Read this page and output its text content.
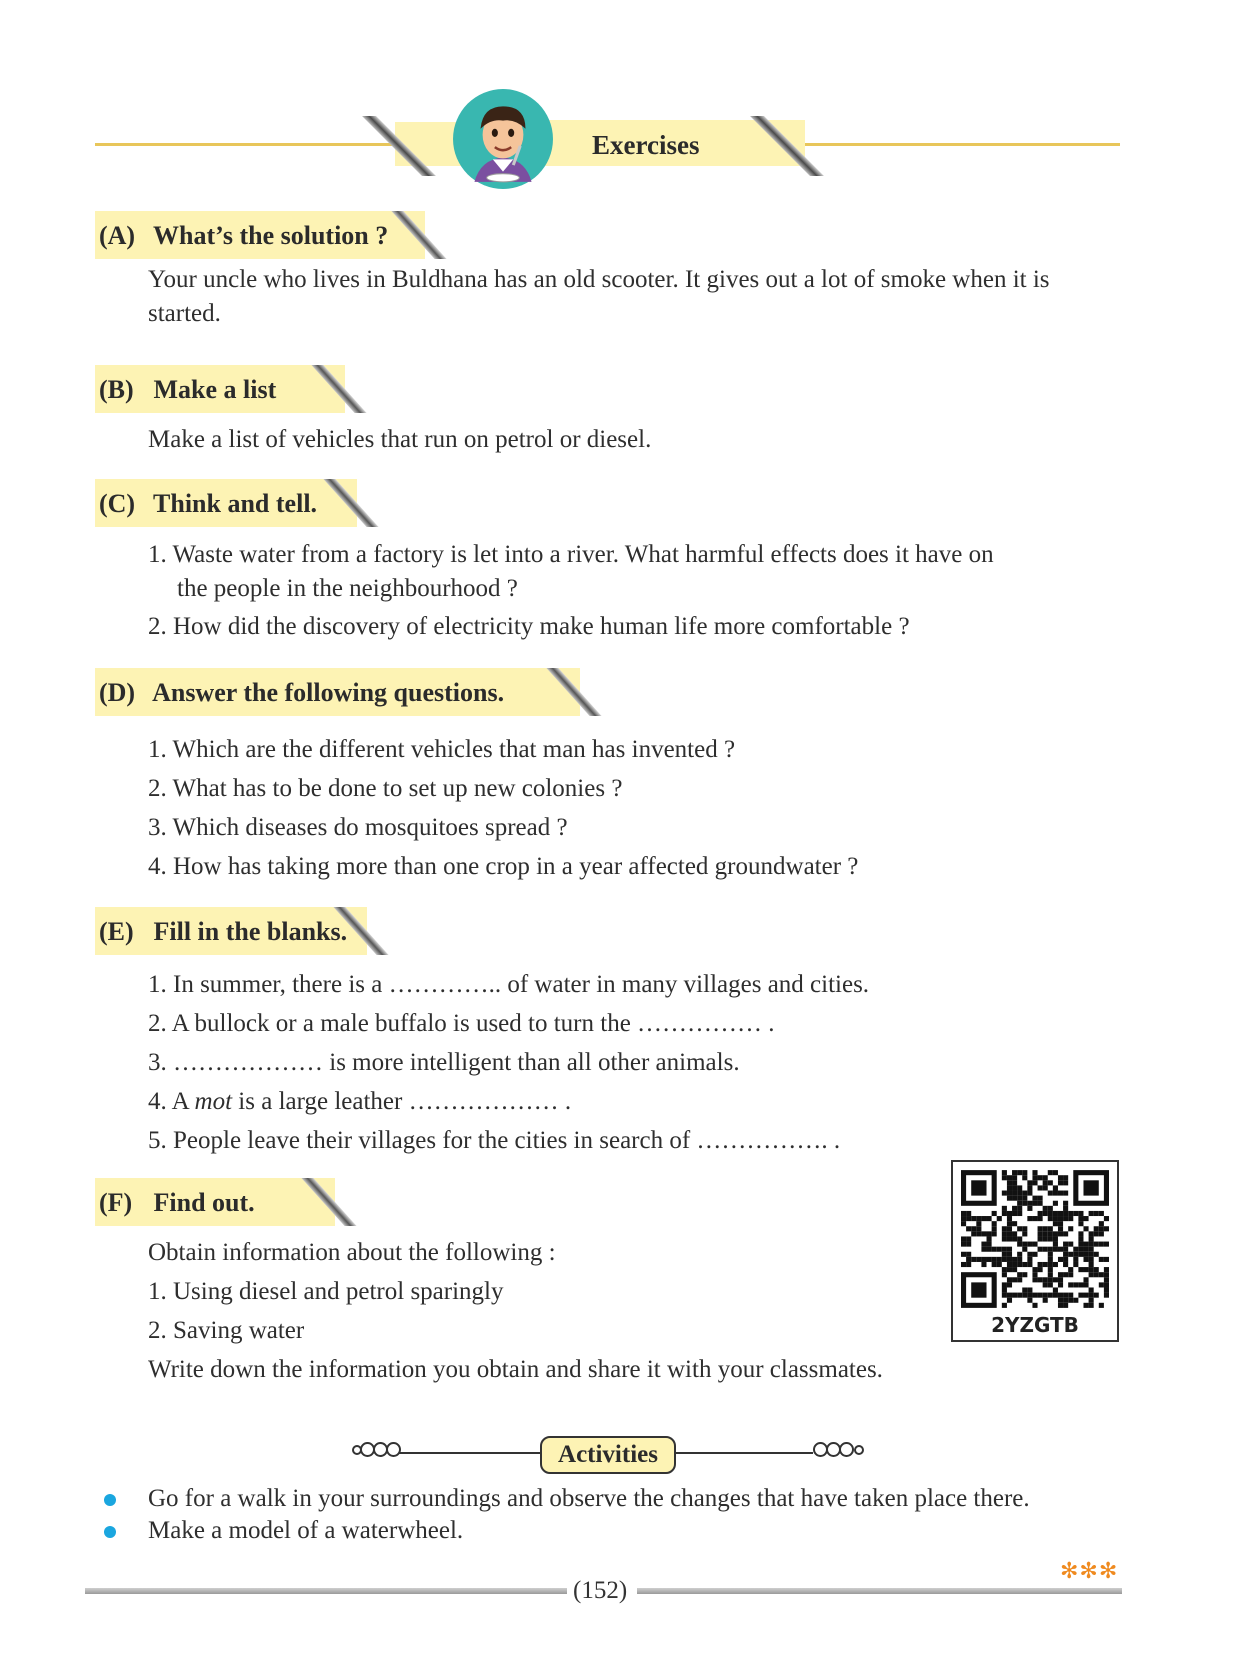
Exercises
(A) What’s the solution ?
Your uncle who lives in Buldhana has an old scooter. It gives out a lot of smoke when it is started.
(B) Make a list
Make a list of vehicles that run on petrol or diesel.
(C) Think and tell.
1. Waste water from a factory is let into a river. What harmful effects does it have on
the people in the neighbourhood ?
2. How did the discovery of electricity make human life more comfortable ?
(D) Answer the following questions.
1. Which are the different vehicles that man has invented ?
2. What has to be done to set up new colonies ?
3. Which diseases do mosquitoes spread ?
4. How has taking more than one crop in a year affected groundwater ?
(E) Fill in the blanks.
1. In summer, there is a ………….. of water in many villages and cities.
2. A bullock or a male buffalo is used to turn the …………… .
3. ……………… is more intelligent than all other animals.
4. A mot is a large leather ……………… .
5. People leave their villages for the cities in search of ……………. .
(F) Find out.
Obtain information about the following :
1. Using diesel and petrol sparingly
2. Saving water
Write down the information you obtain and share it with your classmates.
2YZGTB
Activities
Go for a walk in your surroundings and observe the changes that have taken place there.
Make a model of a waterwheel.
(152)
✻✻✻
